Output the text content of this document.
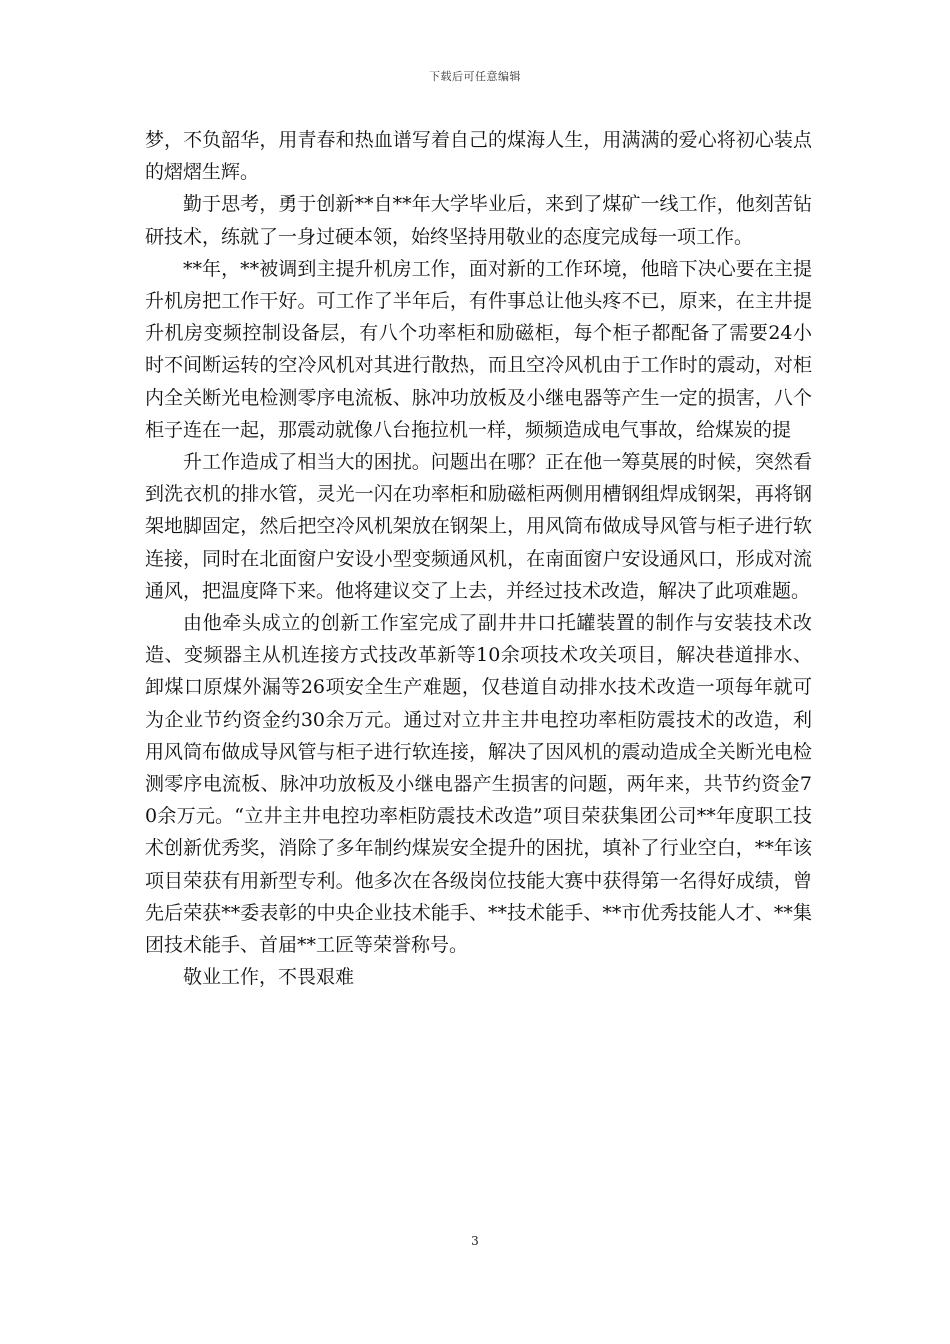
下载后可任意编辑

梦，不负韶华，用青春和热血谱写着自己的煤海人生，用满满的爱心将初心装点的熠熠生辉。

勤于思考，勇于创新**自**年大学毕业后，来到了煤矿一线工作，他刻苦钻研技术，练就了一身过硬本领，始终坚持用敬业的态度完成每一项工作。

**年，**被调到主提升机房工作，面对新的工作环境，他暗下决心要在主提升机房把工作干好。可工作了半年后，有件事总让他头疼不已，原来，在主井提升机房变频控制设备层，有八个功率柜和励磁柜，每个柜子都配备了需要24小时不间断运转的空冷风机对其进行散热，而且空冷风机由于工作时的震动，对柜内全关断光电检测零序电流板、脉冲功放板及小继电器等产生一定的损害，八个柜子连在一起，那震动就像八台拖拉机一样，频频造成电气事故，给煤炭的提

升工作造成了相当大的困扰。问题出在哪？正在他一筹莫展的时候，突然看到洗衣机的排水管，灵光一闪在功率柜和励磁柜两侧用槽钢组焊成钢架，再将钢架地脚固定，然后把空冷风机架放在钢架上，用风筒布做成导风管与柜子进行软连接，同时在北面窗户安设小型变频通风机，在南面窗户安设通风口，形成对流通风，把温度降下来。他将建议交了上去，并经过技术改造，解决了此项难题。

由他牵头成立的创新工作室完成了副井井口托罐装置的制作与安装技术改造、变频器主从机连接方式技改革新等10余项技术攻关项目，解决巷道排水、卸煤口原煤外漏等26项安全生产难题，仅巷道自动排水技术改造一项每年就可为企业节约资金约30余万元。通过对立井主井电控功率柜防震技术的改造，利用风筒布做成导风管与柜子进行软连接，解决了因风机的震动造成全关断光电检测零序电流板、脉冲功放板及小继电器产生损害的问题，两年来，共节约资金70余万元。“立井主井电控功率柜防震技术改造”项目荣获集团公司**年度职工技术创新优秀奖，消除了多年制约煤炭安全提升的困扰，填补了行业空白，**年该项目荣获有用新型专利。他多次在各级岗位技能大赛中获得第一名得好成绩，曾先后荣获**委表彰的中央企业技术能手、**技术能手、**市优秀技能人才、**集团技术能手、首届**工匠等荣誉称号。

敬业工作，不畏艰难

3
